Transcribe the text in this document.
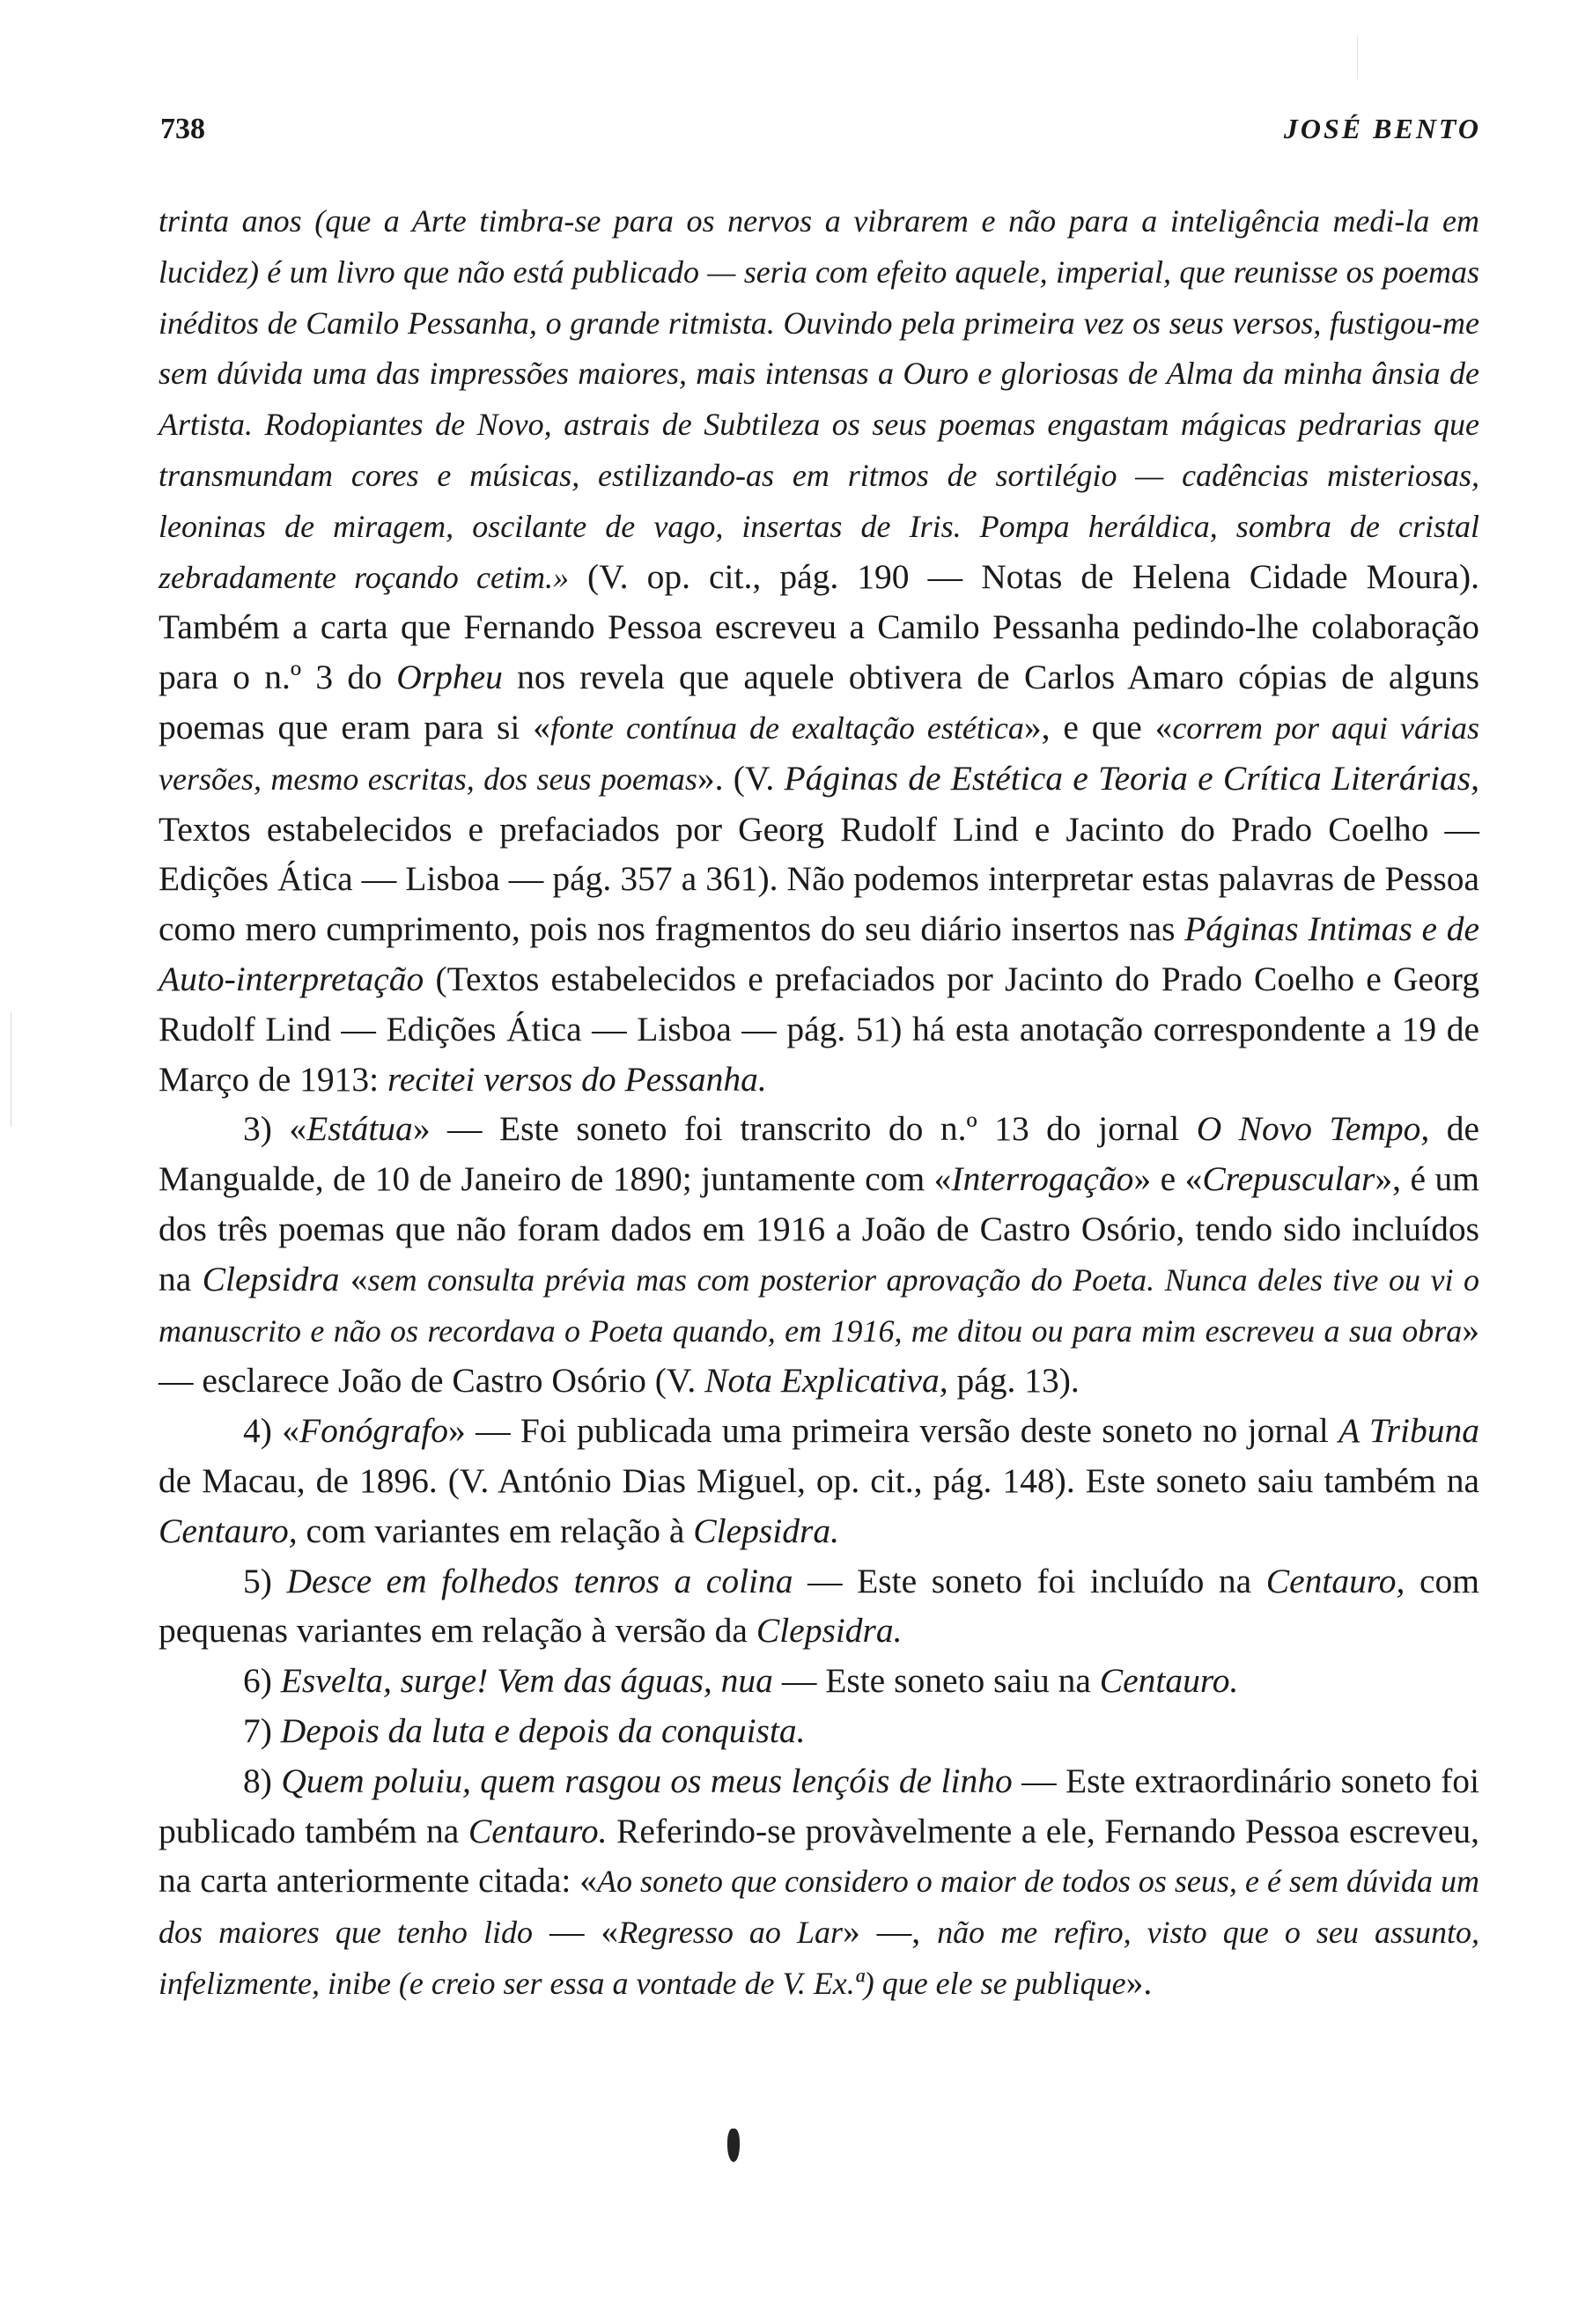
738	JOSÉ BENTO

trinta anos (que a Arte timbra-se para os nervos a vibrarem e não para a inteligência medi-la em lucidez) é um livro que não está publicado — seria com efeito aquele, imperial, que reunisse os poemas inéditos de Camilo Pessanha, o grande ritmista. Ouvindo pela primeira vez os seus versos, fustigou-me sem dúvida uma das impressões maiores, mais intensas a Ouro e gloriosas de Alma da minha ânsia de Artista. Rodopiantes de Novo, astrais de Subtileza os seus poemas engastam mágicas pedrarias que transmundam cores e músicas, estilizando-as em ritmos de sortilégio — cadências misteriosas, leoninas de miragem, oscilante de vago, insertas de Iris. Pompa heráldica, sombra de cristal zebradamente roçando cetim.» (V. op. cit., pág. 190 — Notas de Helena Cidade Moura). Também a carta que Fernando Pessoa escreveu a Camilo Pessanha pedindo-lhe colaboração para o n.º 3 do Orpheu nos revela que aquele obtivera de Carlos Amaro cópias de alguns poemas que eram para si «fonte contínua de exaltação estética», e que «correm por aqui várias versões, mesmo escritas, dos seus poemas». (V. Páginas de Estética e Teoria e Crítica Literárias, Textos estabelecidos e prefaciados por Georg Rudolf Lind e Jacinto do Prado Coelho — Edições Ática — Lisboa — pág. 357 a 361). Não podemos interpretar estas palavras de Pessoa como mero cumprimento, pois nos fragmentos do seu diário insertos nas Páginas Intimas e de Auto-interpretação (Textos estabelecidos e prefaciados por Jacinto do Prado Coelho e Georg Rudolf Lind — Edições Ática — Lisboa — pág. 51) há esta anotação correspondente a 19 de Março de 1913: recitei versos do Pessanha.

3) «Estátua» — Este soneto foi transcrito do n.º 13 do jornal O Novo Tempo, de Mangualde, de 10 de Janeiro de 1890; juntamente com «Interrogação» e «Crepuscular», é um dos três poemas que não foram dados em 1916 a João de Castro Osório, tendo sido incluídos na Clepsidra «sem consulta prévia mas com posterior aprovação do Poeta. Nunca deles tive ou vi o manuscrito e não os recordava o Poeta quando, em 1916, me ditou ou para mim escreveu a sua obra» — esclarece João de Castro Osório (V. Nota Explicativa, pág. 13).

4) «Fonógrafo» — Foi publicada uma primeira versão deste soneto no jornal A Tribuna de Macau, de 1896. (V. António Dias Miguel, op. cit., pág. 148). Este soneto saiu também na Centauro, com variantes em relação à Clepsidra.

5) Desce em folhedos tenros a colina — Este soneto foi incluído na Centauro, com pequenas variantes em relação à versão da Clepsidra.

6) Esvelta, surge! Vem das águas, nua — Este soneto saiu na Centauro.

7) Depois da luta e depois da conquista.

8) Quem poluiu, quem rasgou os meus lençóis de linho — Este extraordinário soneto foi publicado também na Centauro. Referindo-se provàvelmente a ele, Fernando Pessoa escreveu, na carta anteriormente citada: «Ao soneto que considero o maior de todos os seus, e é sem dúvida um dos maiores que tenho lido — «Regresso ao Lar» —, não me refiro, visto que o seu assunto, infelizmente, inibe (e creio ser essa a vontade de V. Ex.ª) que ele se publique».
